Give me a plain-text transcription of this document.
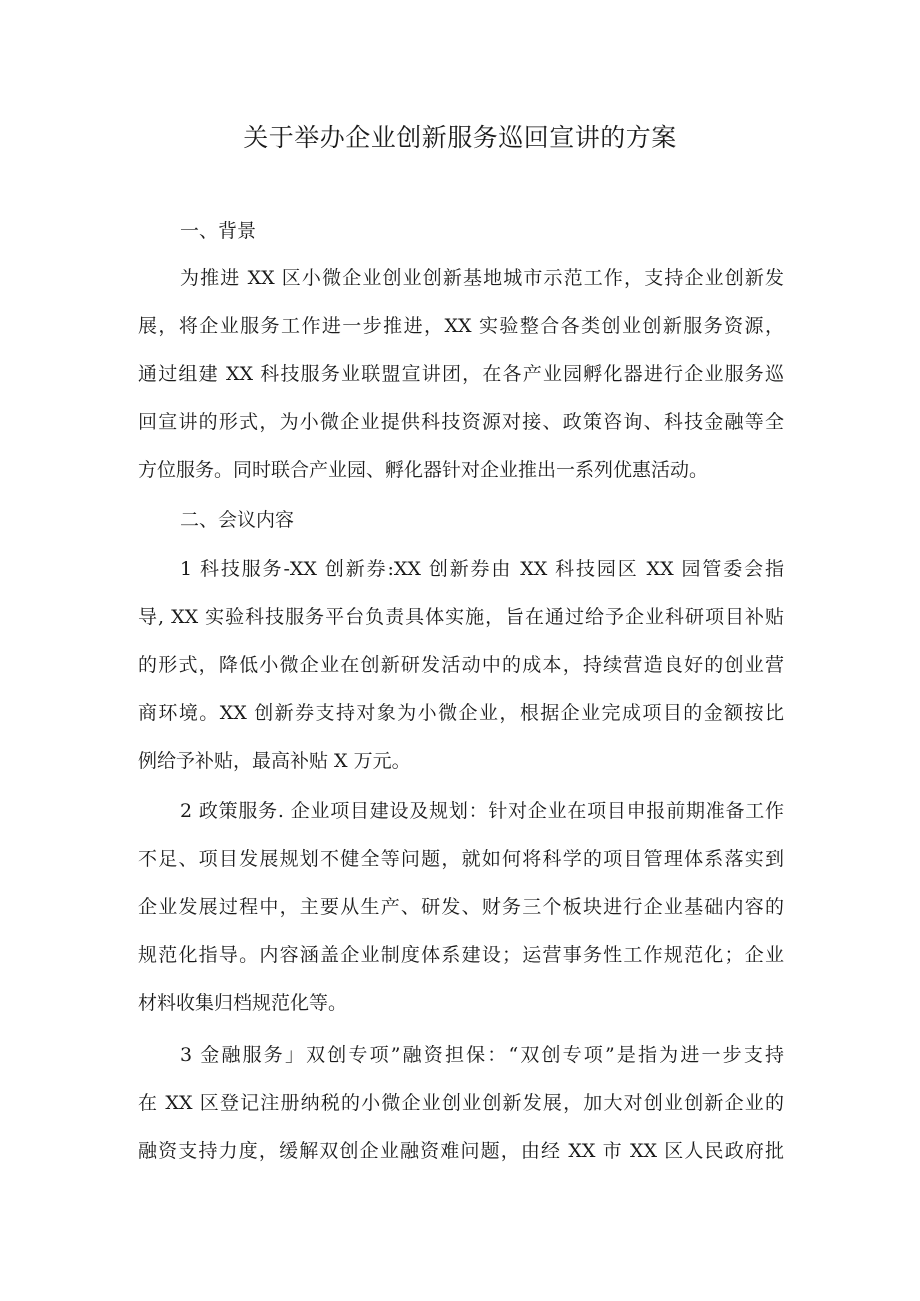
关于举办企业创新服务巡回宣讲的方案
一、背景
为推进 XX 区小微企业创业创新基地城市示范工作，支持企业创新发
展，将企业服务工作进一步推进，XX 实验整合各类创业创新服务资源，
通过组建 XX 科技服务业联盟宣讲团，在各产业园孵化器进行企业服务巡
回宣讲的形式，为小微企业提供科技资源对接、政策咨询、科技金融等全
方位服务。同时联合产业园、孵化器针对企业推出一系列优惠活动。
二、会议内容
1 科技服务-XX 创新券:XX 创新券由 XX 科技园区 XX 园管委会指
导, XX 实验科技服务平台负责具体实施，旨在通过给予企业科研项目补贴
的形式，降低小微企业在创新研发活动中的成本，持续营造良好的创业营
商环境。XX 创新券支持对象为小微企业，根据企业完成项目的金额按比
例给予补贴，最高补贴 X 万元。
2 政策服务. 企业项目建设及规划：针对企业在项目申报前期准备工作
不足、项目发展规划不健全等问题，就如何将科学的项目管理体系落实到
企业发展过程中，主要从生产、研发、财务三个板块进行企业基础内容的
规范化指导。内容涵盖企业制度体系建设；运营事务性工作规范化；企业
材料收集归档规范化等。
3 金融服务」双创专项”融资担保：“双创专项”是指为进一步支持
在 XX 区登记注册纳税的小微企业创业创新发展，加大对创业创新企业的
融资支持力度，缓解双创企业融资难问题，由经 XX 市 XX 区人民政府批
